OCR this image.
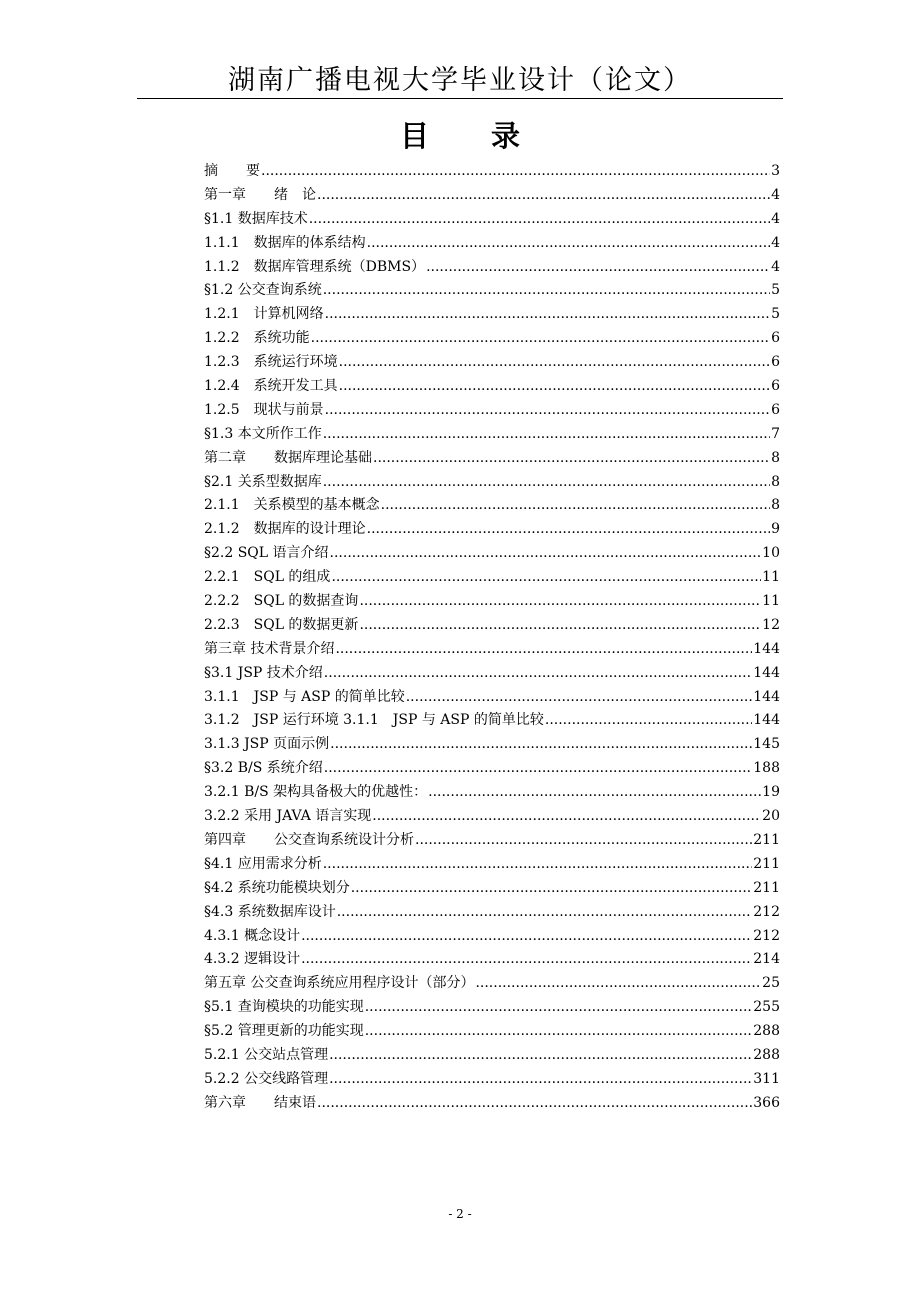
湖南广播电视大学毕业设计（论文）
目 录
摘　　要 .....	3
第一章　　绪　论 .....	4
§1.1 数据库技术 .....	4
1.1.1　数据库的体系结构 .....	4
1.1.2　数据库管理系统（DBMS） .....	4
§1.2 公交查询系统 .....	5
1.2.1　计算机网络 .....	5
1.2.2　系统功能 .....	6
1.2.3　系统运行环境 .....	6
1.2.4　系统开发工具 .....	6
1.2.5　现状与前景 .....	6
§1.3 本文所作工作 .....	7
第二章　　数据库理论基础 .....	8
§2.1 关系型数据库 .....	8
2.1.1　关系模型的基本概念 .....	8
2.1.2　数据库的设计理论 .....	9
§2.2 SQL 语言介绍 .....	10
2.2.1　SQL 的组成 .....	11
2.2.2　SQL 的数据查询 .....	11
2.2.3　SQL 的数据更新 .....	12
第三章 技术背景介绍 .....	144
§3.1 JSP 技术介绍 .....	144
3.1.1　JSP 与 ASP 的简单比较 .....	144
3.1.2　JSP 运行环境 3.1.1　JSP 与 ASP 的简单比较 .....	144
3.1.3 JSP 页面示例 .....	145
§3.2 B/S 系统介绍 .....	188
3.2.1 B/S 架构具备极大的优越性： .....	19
3.2.2 采用 JAVA 语言实现 .....	20
第四章　　公交查询系统设计分析 .....	211
§4.1 应用需求分析 .....	211
§4.2 系统功能模块划分 .....	211
§4.3 系统数据库设计 .....	212
4.3.1 概念设计 .....	212
4.3.2 逻辑设计 .....	214
第五章 公交查询系统应用程序设计（部分） .....	25
§5.1 查询模块的功能实现 .....	255
§5.2 管理更新的功能实现 .....	288
5.2.1 公交站点管理 .....	288
5.2.2 公交线路管理 .....	311
第六章　　结束语 .....	366
- 2 -
